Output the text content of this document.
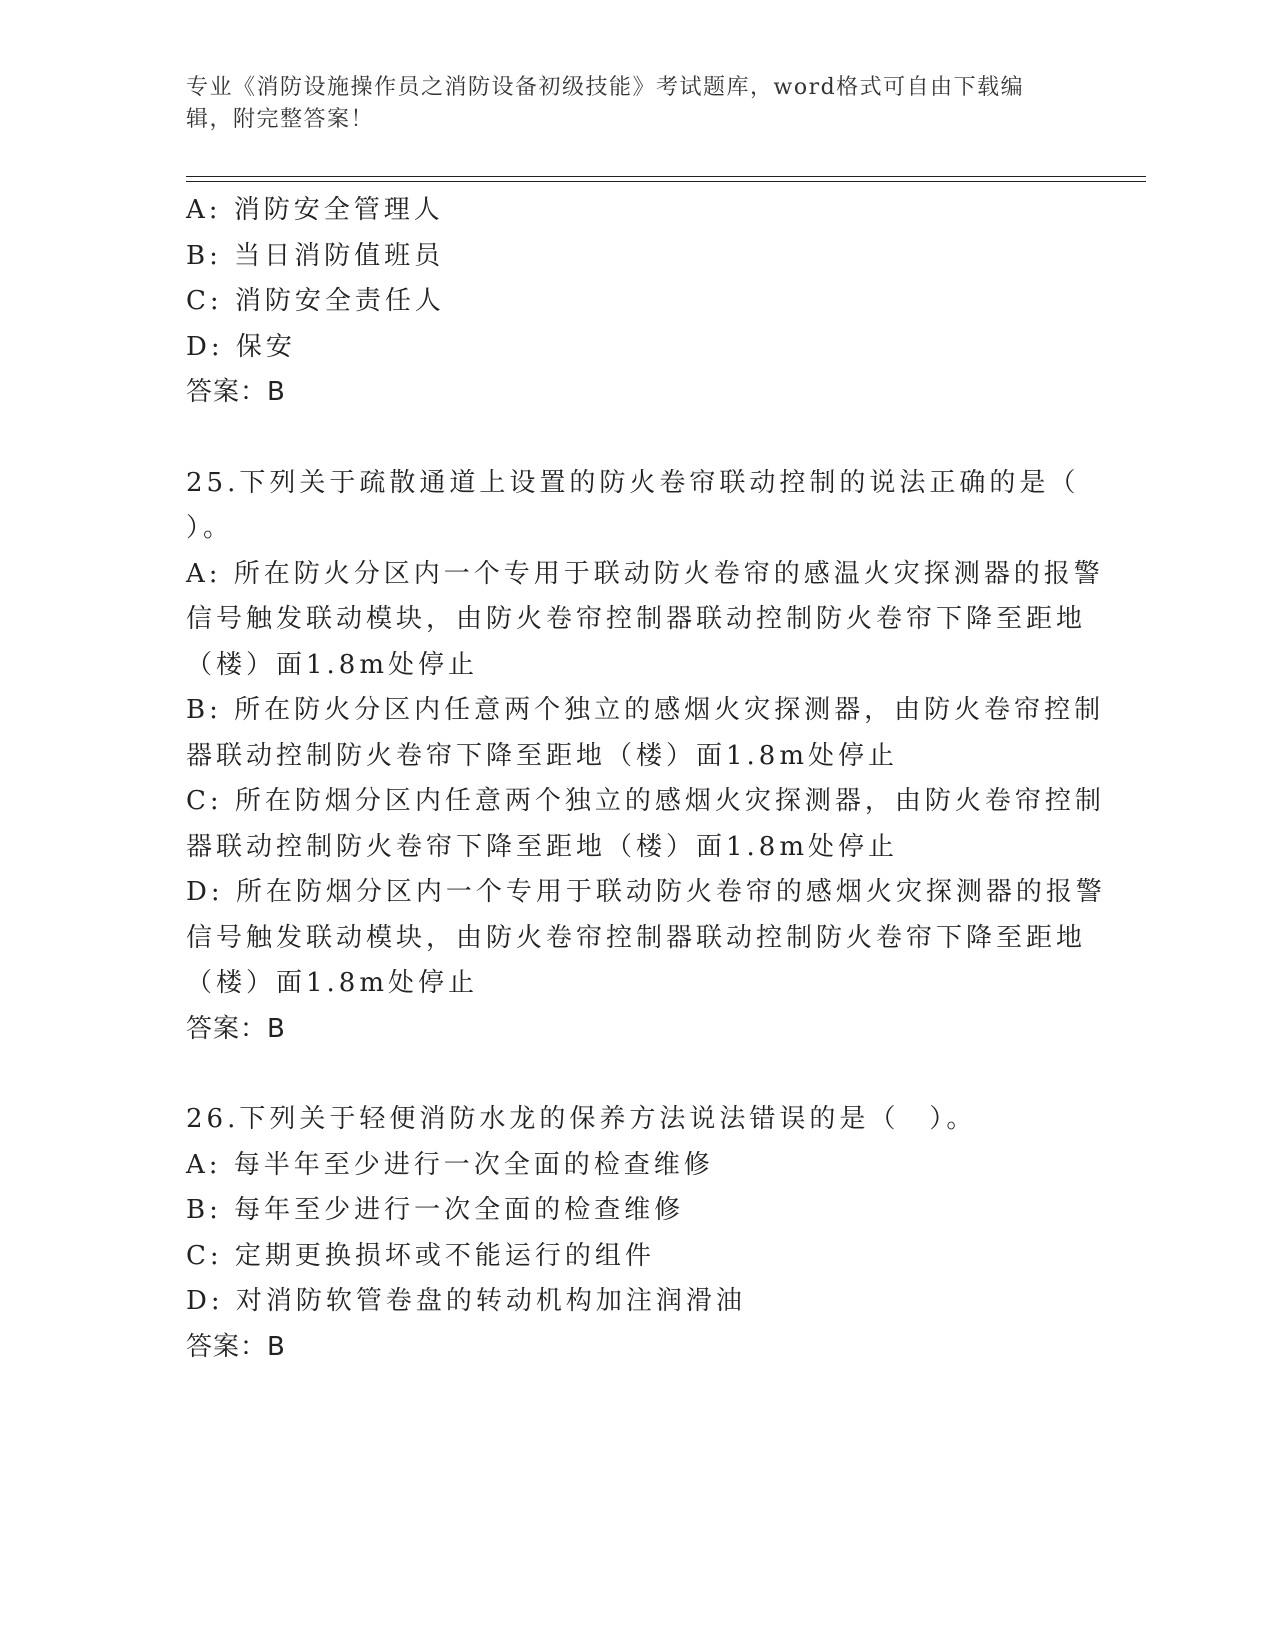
专业《消防设施操作员之消防设备初级技能》考试题库，word格式可自由下载编
辑，附完整答案！
A: 消防安全管理人
B: 当日消防值班员
C: 消防安全责任人
D: 保安
答案：B
25.下列关于疏散通道上设置的防火卷帘联动控制的说法正确的是（
）。
A: 所在防火分区内一个专用于联动防火卷帘的感温火灾探测器的报警
信号触发联动模块，由防火卷帘控制器联动控制防火卷帘下降至距地
（楼）面1.8m处停止
B: 所在防火分区内任意两个独立的感烟火灾探测器，由防火卷帘控制
器联动控制防火卷帘下降至距地（楼）面1.8m处停止
C: 所在防烟分区内任意两个独立的感烟火灾探测器，由防火卷帘控制
器联动控制防火卷帘下降至距地（楼）面1.8m处停止
D: 所在防烟分区内一个专用于联动防火卷帘的感烟火灾探测器的报警
信号触发联动模块，由防火卷帘控制器联动控制防火卷帘下降至距地
（楼）面1.8m处停止
答案：B
26.下列关于轻便消防水龙的保养方法说法错误的是（　）。
A: 每半年至少进行一次全面的检查维修
B: 每年至少进行一次全面的检查维修
C: 定期更换损坏或不能运行的组件
D: 对消防软管卷盘的转动机构加注润滑油
答案：B
